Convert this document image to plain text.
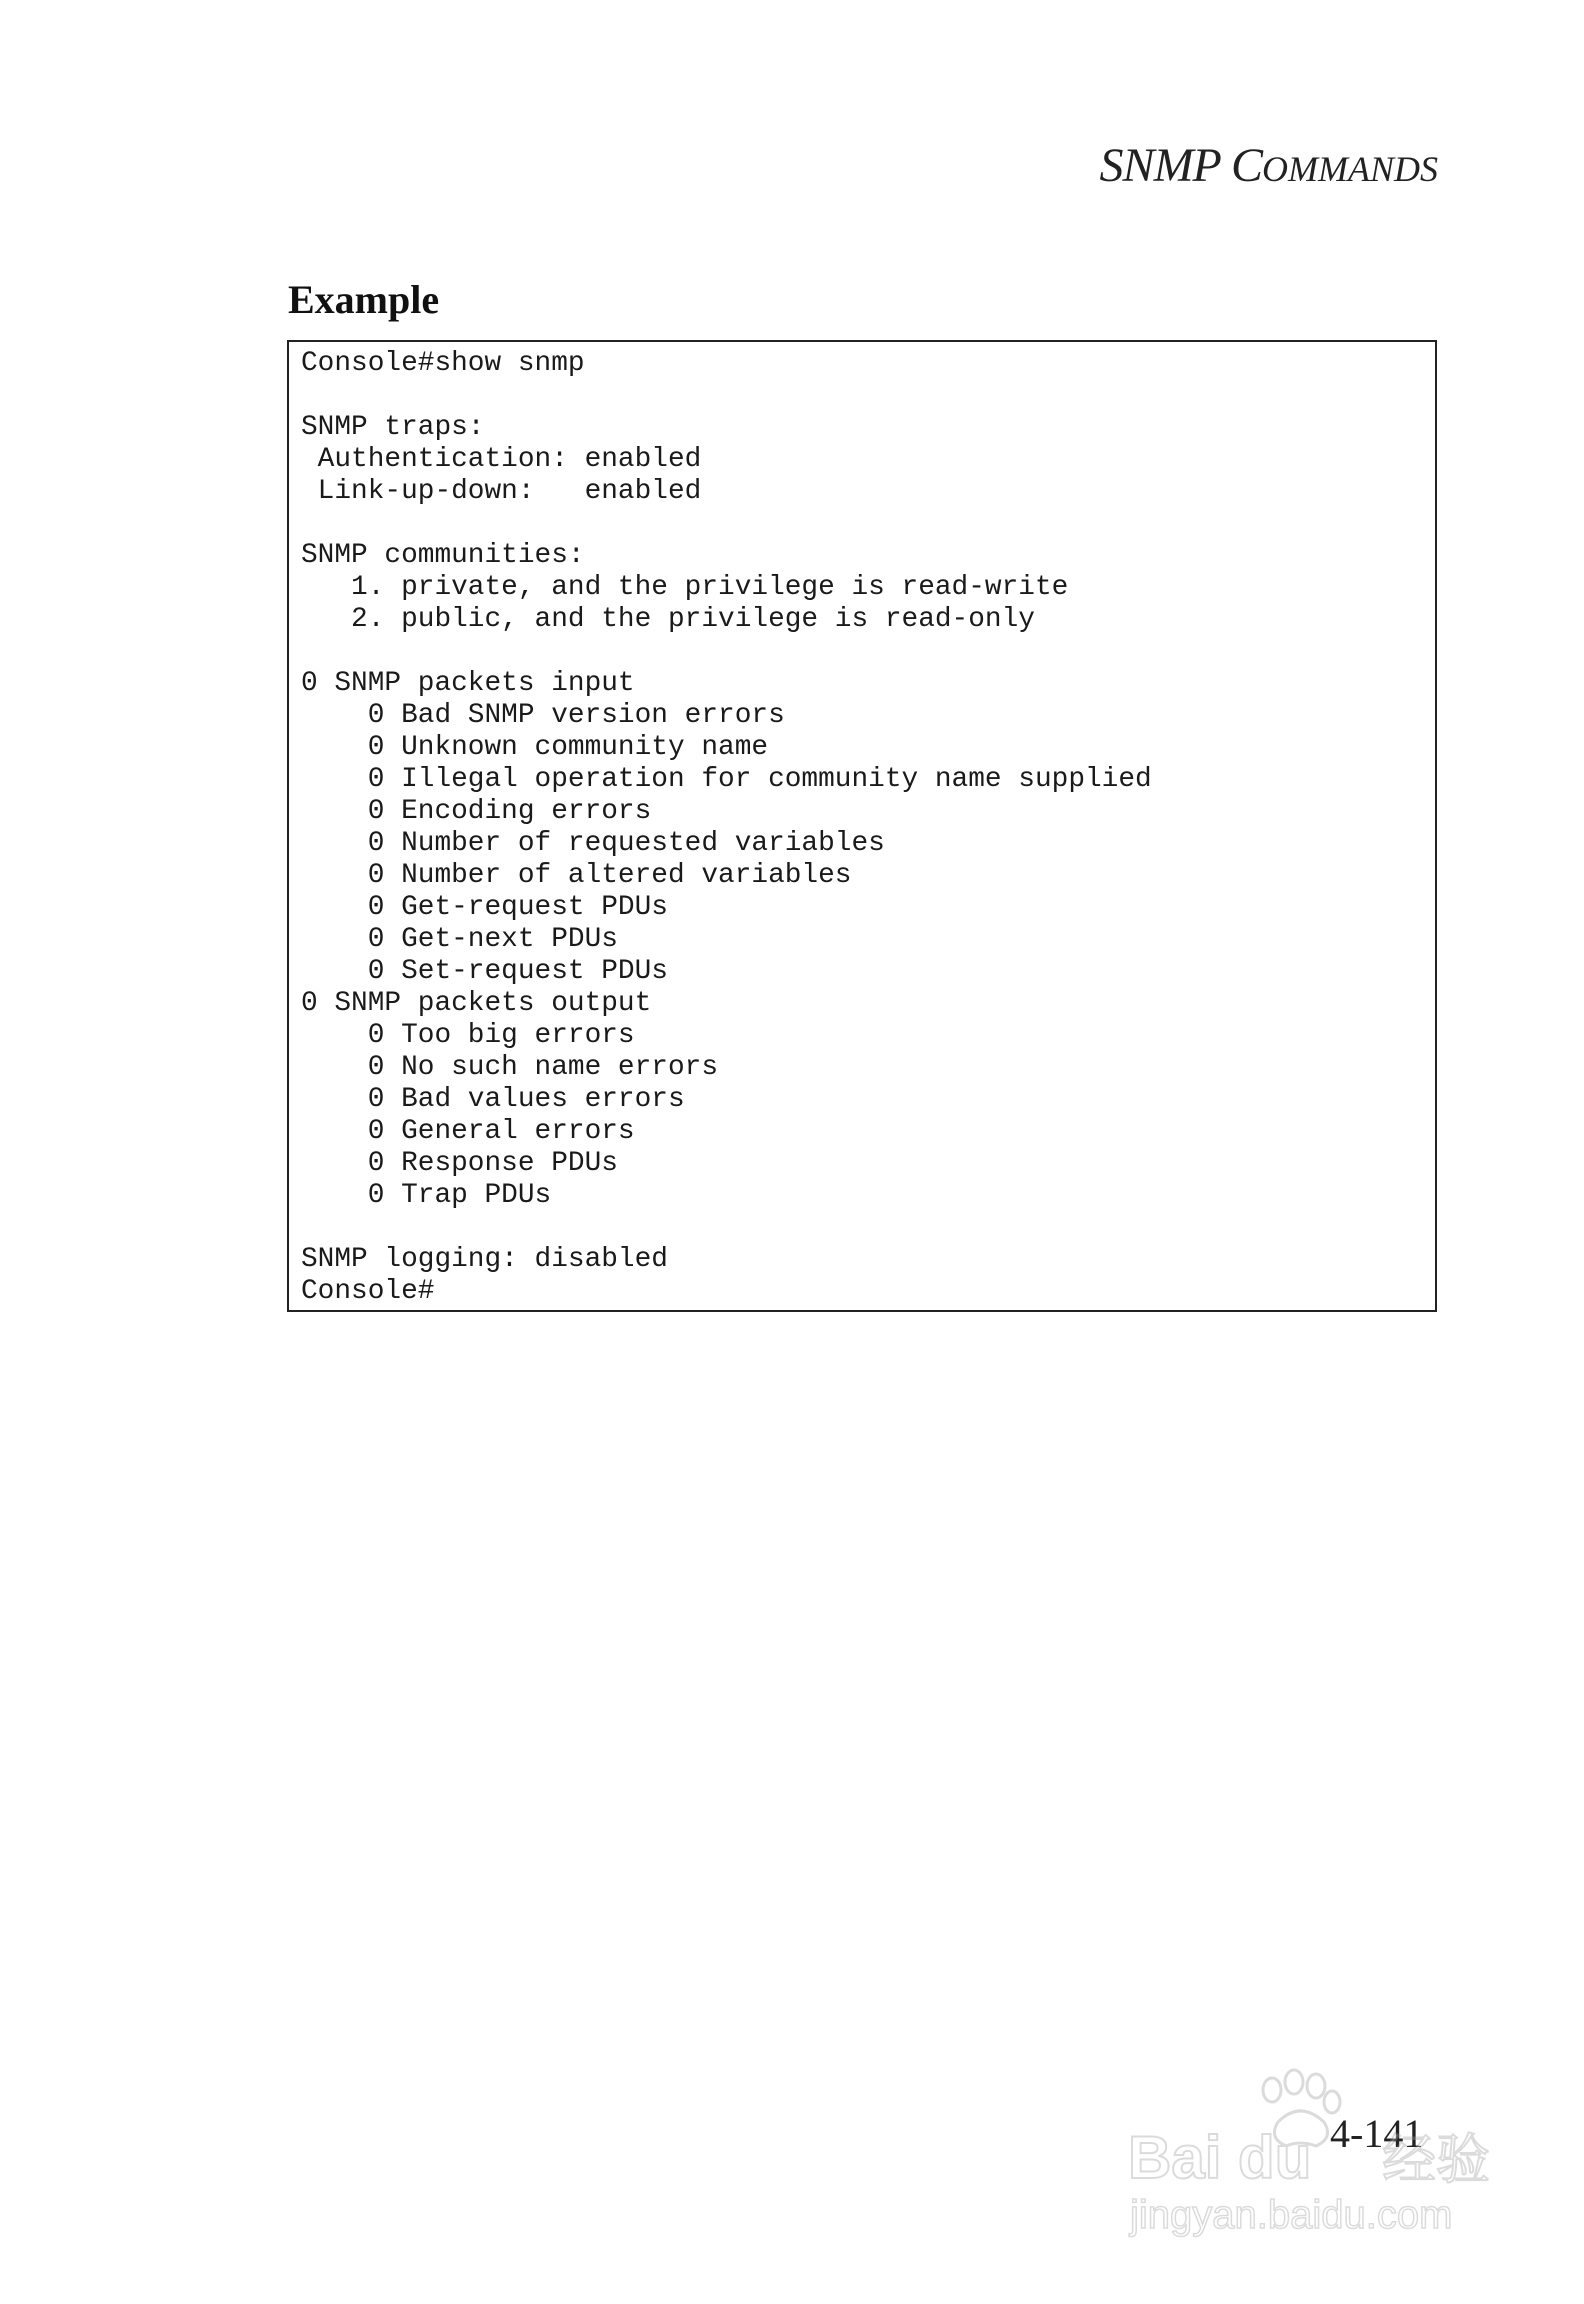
SNMP COMMANDS
Example
Console#show snmp
SNMP traps:
Authentication: enabled
Link-up-down:   enabled
SNMP communities:
1. private, and the privilege is read-write
2. public, and the privilege is read-only
0 SNMP packets input
0 Bad SNMP version errors
0 Unknown community name
0 Illegal operation for community name supplied
0 Encoding errors
0 Number of requested variables
0 Number of altered variables
0 Get-request PDUs
0 Get-next PDUs
0 Set-request PDUs
0 SNMP packets output
0 Too big errors
0 No such name errors
0 Bad values errors
0 General errors
0 Response PDUs
0 Trap PDUs
SNMP logging: disabled
Console#
4-141
Bai du 经验
jingyan.baidu.com
